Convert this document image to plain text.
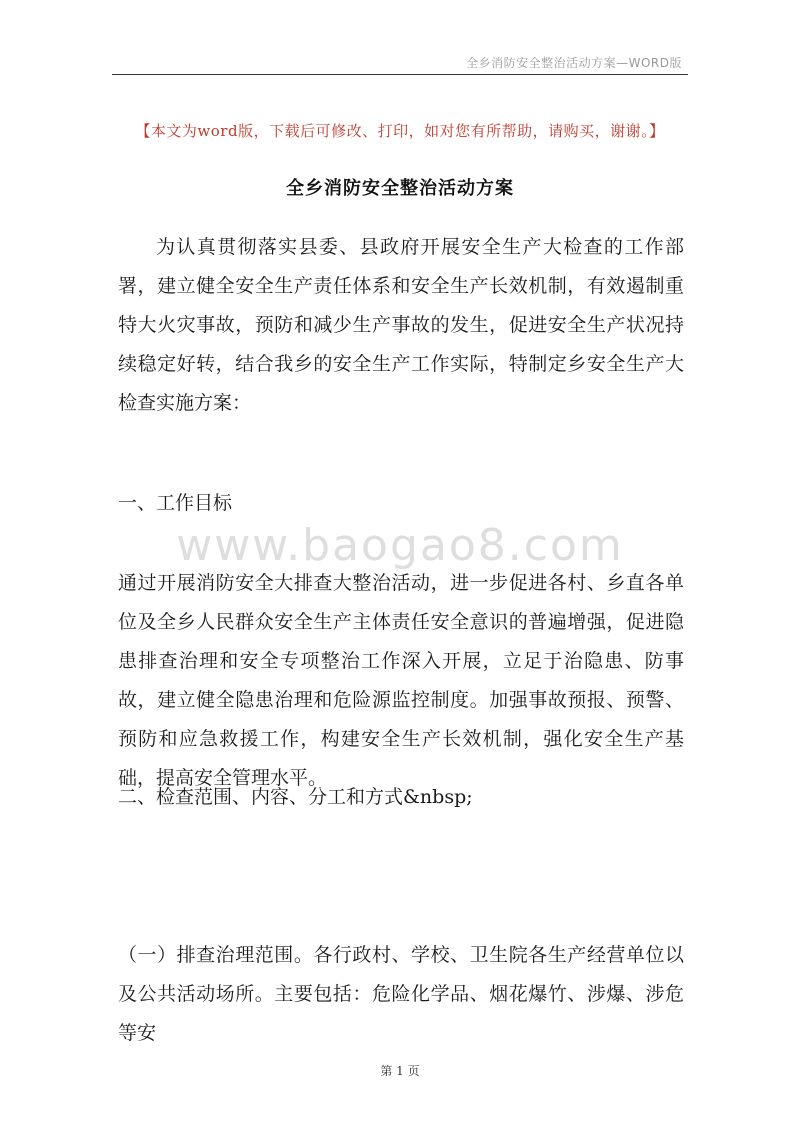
全乡消防安全整治活动方案—WORD版
【本文为word版，下载后可修改、打印，如对您有所帮助，请购买，谢谢。】
全乡消防安全整治活动方案

为认真贯彻落实县委、县政府开展安全生产大检查的工作部署，建立健全安全生产责任体系和安全生产长效机制，有效遏制重特大火灾事故，预防和减少生产事故的发生，促进安全生产状况持续稳定好转，结合我乡的安全生产工作实际，特制定乡安全生产大检查实施方案：

一、工作目标

www.baogao8.com

通过开展消防安全大排查大整治活动，进一步促进各村、乡直各单位及全乡人民群众安全生产主体责任安全意识的普遍增强，促进隐患排查治理和安全专项整治工作深入开展，立足于治隐患、防事故，建立健全隐患治理和危险源监控制度。加强事故预报、预警、预防和应急救援工作，构建安全生产长效机制，强化安全生产基础，提高安全管理水平。

二、检查范围、内容、分工和方式&nbsp;

（一）排查治理范围。各行政村、学校、卫生院各生产经营单位以及公共活动场所。主要包括：危险化学品、烟花爆竹、涉爆、涉危等安

第 1 页
